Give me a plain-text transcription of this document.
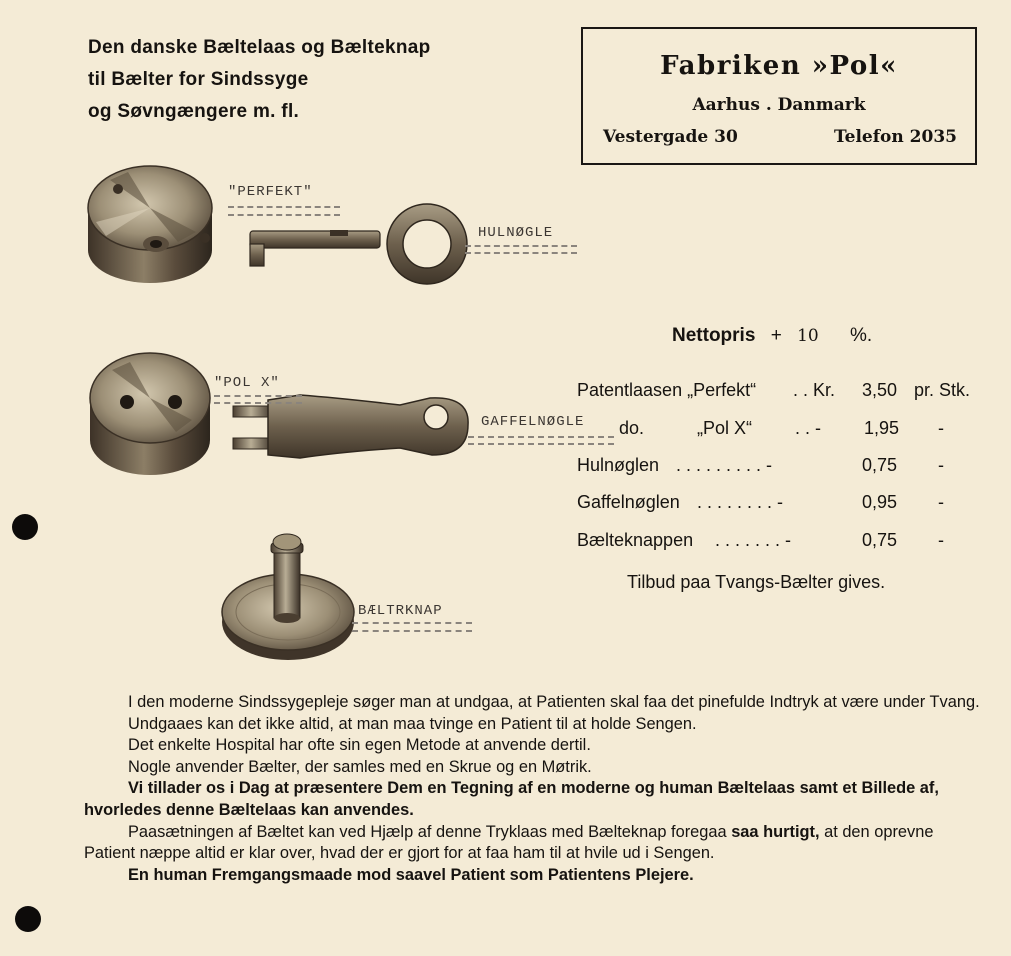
Den danske Bæltelaas og Bælteknap
til Bælter for Sindssyge
og Søvngængere m. fl.
Fabriken »Pol«
Aarhus . Danmark
Vestergade 30	Telefon 2035
"PERFEKT"
HULNØGLE
"POL X"
GAFFELNØGLE
BÆLTRKNAP
Nettopris + 10 %.
Patentlaasen „Perfekt“ . . Kr. 3,50 pr. Stk.
do.	„Pol X“ . . - 1,95 -
Hulnøglen . . . . . . . . . -	0,75 -
Gaffelnøglen . . . . . . . . -	0,95 -
Bælteknappen . . . . . . . -	0,75 -
Tilbud paa Tvangs-Bælter gives.

I den moderne Sindssygepleje søger man at undgaa, at Patienten skal faa det pinefulde Indtryk at være under Tvang.

Undgaaes kan det ikke altid, at man maa tvinge en Patient til at holde Sengen.

Det enkelte Hospital har ofte sin egen Metode at anvende dertil.

Nogle anvender Bælter, der samles med en Skrue og en Møtrik.

Vi tillader os i Dag at præsentere Dem en Tegning af en moderne og human Bæltelaas samt et Billede af, hvorledes denne Bæltelaas kan anvendes.

Paasætningen af Bæltet kan ved Hjælp af denne Tryklaas med Bælteknap foregaa saa hurtigt, at den oprevne Patient næppe altid er klar over, hvad der er gjort for at faa ham til at hvile ud i Sengen.

En human Fremgangsmaade mod saavel Patient som Patientens Plejere.
